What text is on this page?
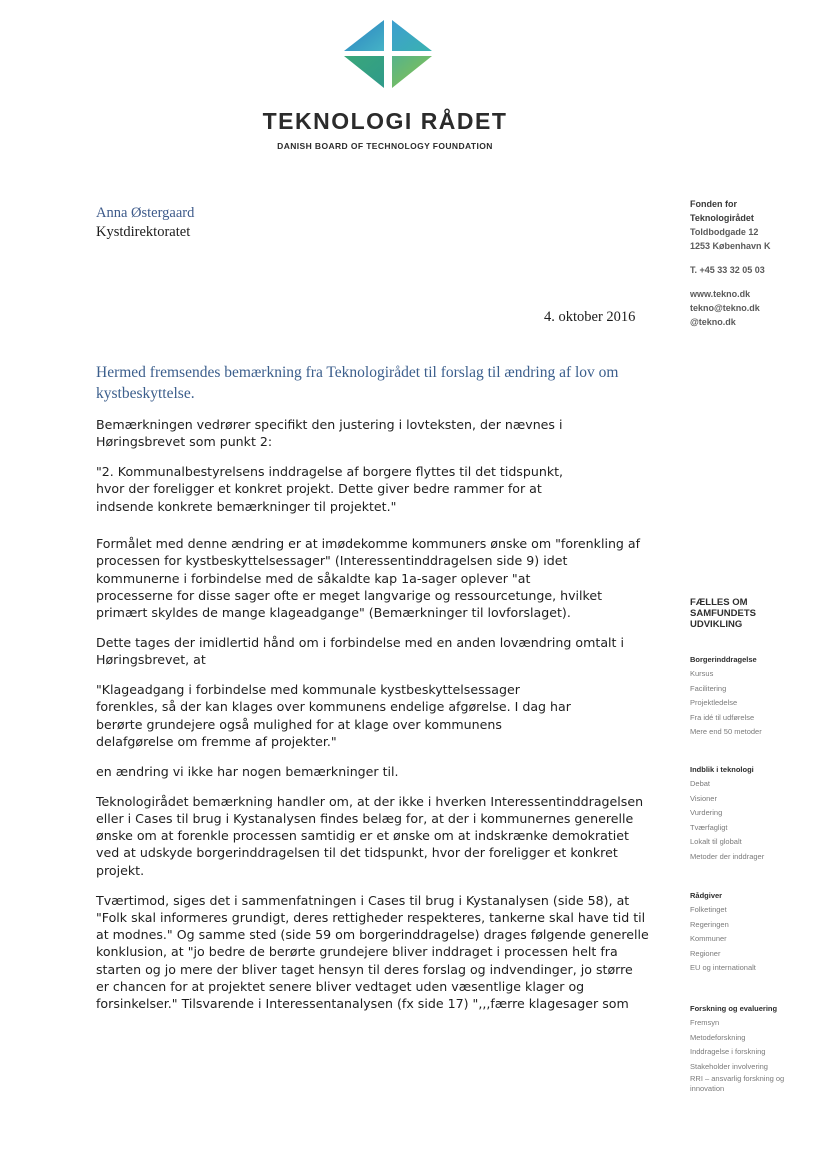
TEKNOLOGI RÅDET
DANISH BOARD OF TECHNOLOGY FOUNDATION
Anna Østergaard
Kystdirektoratet
4. oktober 2016
Fonden for
Teknologirådet
Toldbodgade 12
1253 København K
T. +45 33 32 05 03
www.tekno.dk
tekno@tekno.dk
@tekno.dk
Hermed fremsendes bemærkning fra Teknologirådet til forslag til ændring af lov om kystbeskyttelse.

Bemærkningen vedrører specifikt den justering i lovteksten, der nævnes i
Høringsbrevet som punkt 2:

"2. Kommunalbestyrelsens inddragelse af borgere flyttes til det tidspunkt,
hvor der foreligger et konkret projekt. Dette giver bedre rammer for at
indsende konkrete bemærkninger til projektet."

Formålet med denne ændring er at imødekomme kommuners ønske om "forenkling af
processen for kystbeskyttelsessager" (Interessentinddragelsen side 9) idet
kommunerne i forbindelse med de såkaldte kap 1a-sager oplever "at
processerne for disse sager ofte er meget langvarige og ressourcetunge, hvilket
primært skyldes de mange klageadgange" (Bemærkninger til lovforslaget).

Dette tages der imidlertid hånd om i forbindelse med en anden lovændring omtalt i
Høringsbrevet, at

"Klageadgang i forbindelse med kommunale kystbeskyttelsessager
forenkles, så der kan klages over kommunens endelige afgørelse. I dag har
berørte grundejere også mulighed for at klage over kommunens
delafgørelse om fremme af projekter."

en ændring vi ikke har nogen bemærkninger til.

Teknologirådet bemærkning handler om, at der ikke i hverken Interessentinddragelsen
eller i Cases til brug i Kystanalysen findes belæg for, at der i kommunernes generelle
ønske om at forenkle processen samtidig er et ønske om at indskrænke demokratiet
ved at udskyde borgerinddragelsen til det tidspunkt, hvor der foreligger et konkret
projekt.

Tværtimod, siges det i sammenfatningen i Cases til brug i Kystanalysen (side 58), at
"Folk skal informeres grundigt, deres rettigheder respekteres, tankerne skal have tid til
at modnes." Og samme sted (side 59 om borgerinddragelse) drages følgende generelle
konklusion, at "jo bedre de berørte grundejere bliver inddraget i processen helt fra
starten og jo mere der bliver taget hensyn til deres forslag og indvendinger, jo større
er chancen for at projektet senere bliver vedtaget uden væsentlige klager og
forsinkelser." Tilsvarende i Interessentanalysen (fx side 17) ",,,færre klagesager som

FÆLLES OM
SAMFUNDETS
UDVIKLING
Borgerinddragelse
Kursus
Facilitering
Projektledelse
Fra idé til udførelse
Mere end 50 metoder
Indblik i teknologi
Debat
Visioner
Vurdering
Tværfagligt
Lokalt til globalt
Metoder der inddrager
Rådgiver
Folketinget
Regeringen
Kommuner
Regioner
EU og internationalt
Forskning og evaluering
Fremsyn
Metodeforskning
Inddragelse i forskning
Stakeholder involvering
RRI – ansvarlig forskning og innovation
